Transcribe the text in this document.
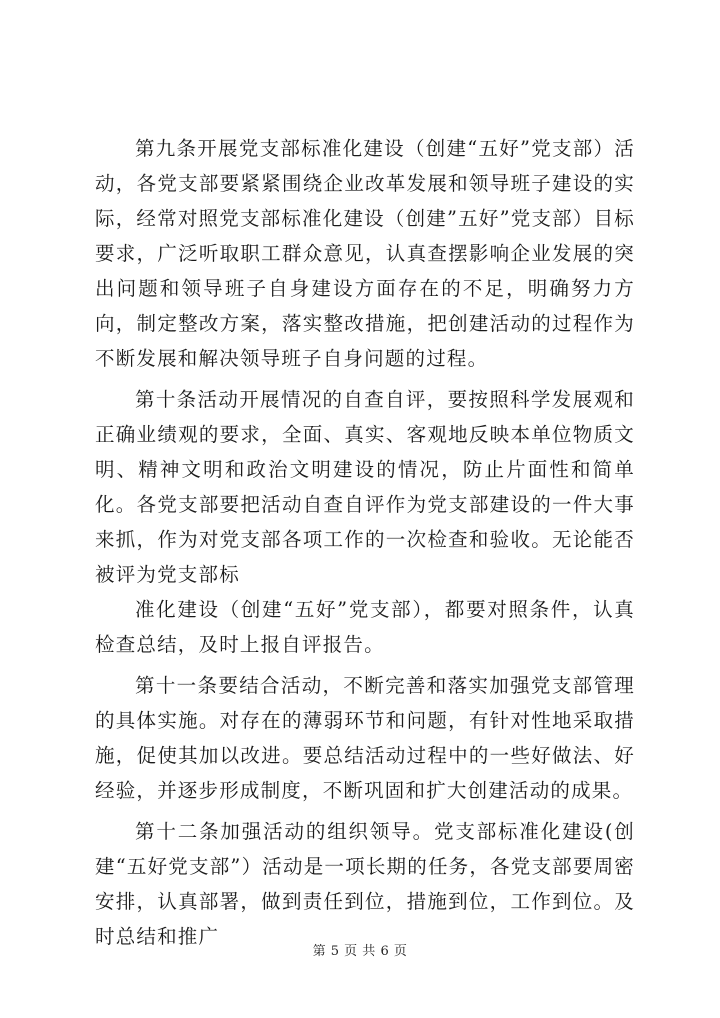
第九条开展党支部标准化建设（创建“五好”党支部）活动，各党支部要紧紧围绕企业改革发展和领导班子建设的实际，经常对照党支部标准化建设（创建”五好”党支部）目标要求，广泛听取职工群众意见，认真查摆影响企业发展的突出问题和领导班子自身建设方面存在的不足，明确努力方向，制定整改方案，落实整改措施，把创建活动的过程作为不断发展和解决领导班子自身问题的过程。

第十条活动开展情况的自查自评，要按照科学发展观和正确业绩观的要求，全面、真实、客观地反映本单位物质文明、精神文明和政治文明建设的情况，防止片面性和简单化。各党支部要把活动自查自评作为党支部建设的一件大事来抓，作为对党支部各项工作的一次检查和验收。无论能否被评为党支部标

准化建设（创建“五好”党支部），都要对照条件，认真检查总结，及时上报自评报告。

第十一条要结合活动，不断完善和落实加强党支部管理的具体实施。对存在的薄弱环节和问题，有针对性地采取措施，促使其加以改进。要总结活动过程中的一些好做法、好经验，并逐步形成制度，不断巩固和扩大创建活动的成果。

第十二条加强活动的组织领导。党支部标准化建设(创建“五好党支部”）活动是一项长期的任务，各党支部要周密安排，认真部署，做到责任到位，措施到位，工作到位。及时总结和推广

第 5 页 共 6 页
